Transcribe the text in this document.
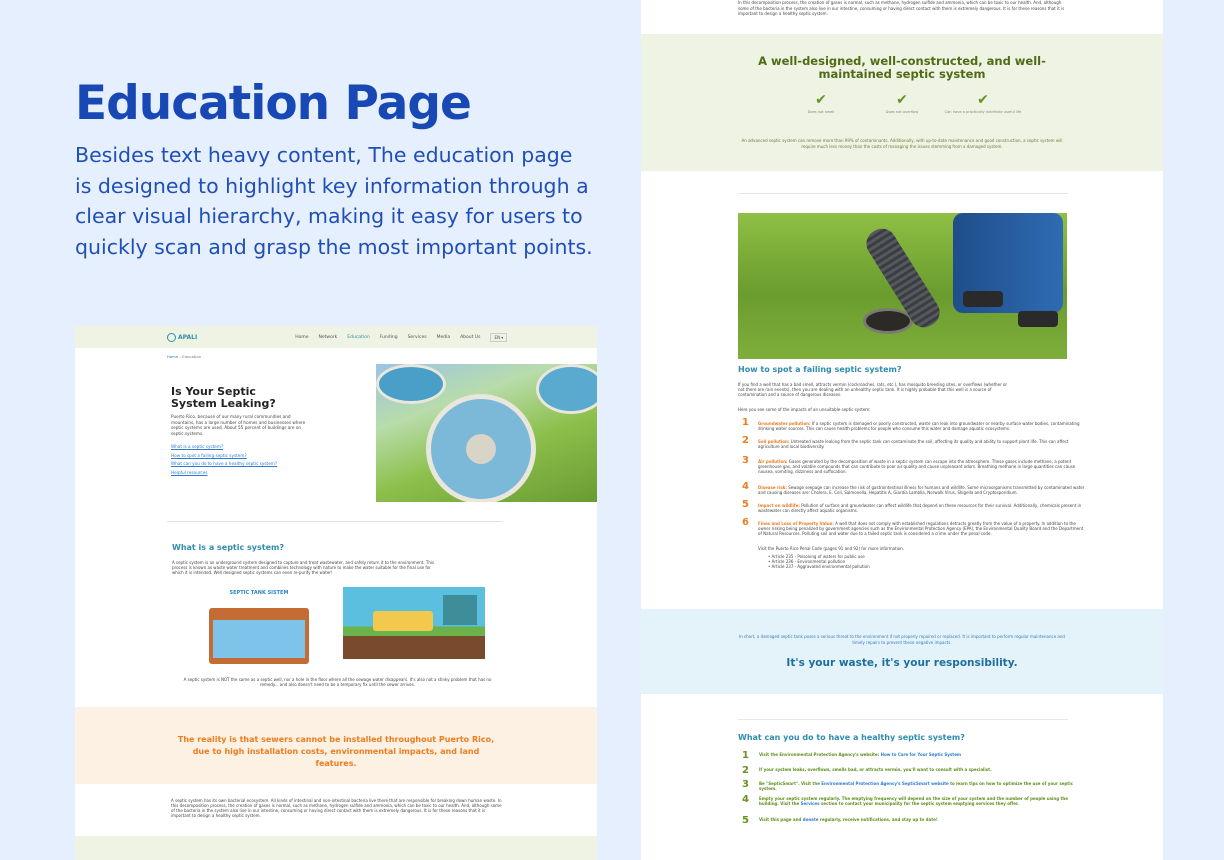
Education Page
Besides text heavy content, The education page is designed to highlight key information through a clear visual hierarchy, making it easy for users to quickly scan and grasp the most important points.
APALI	Home Network Education Funding Services Media About Us	EN ▾
Home › Education
Is Your Septic System Leaking?
Puerto Rico, because of our many rural communities and mountains, has a large number of homes and businesses where septic systems are used. About 55 percent of buildings are on septic systems.
What is a septic system?
How to spot a failing septic system?
What can you do to have a healthy septic system?
Helpful resources
What is a septic system?
A septic system is an underground system designed to capture and treat wastewater, and safely return it to the environment. This process is known as waste water treatment and combines technology with nature to make the water suitable for the final use for which it is intended. Well designed septic systems can even re-purify the water!
SEPTIC TANK SISTEM
A septic system is NOT the same as a septic well, nor a hole in the floor where all the sewage water disappears. It's also not a stinky problem that has no remedy... and also doesn't need to be a temporary fix until the sewer arrives.
The reality is that sewers cannot be installed throughout Puerto Rico, due to high installation costs, environmental impacts, and land features.
A septic system has its own bacterial ecosystem. All kinds of intestinal and non-intestinal bacteria live there that are responsible for breaking down human waste. In this decomposition process, the creation of gases is normal, such as methane, hydrogen sulfide and ammonia, which can be toxic to our health. And, although some of the bacteria in the system also live in our intestine, consuming or having direct contact with them is extremely dangerous. It is for these reasons that it is important to design a healthy septic system.
In this decomposition process, the creation of gases is normal, such as methane, hydrogen sulfide and ammonia, which can be toxic to our health. And, although some of the bacteria in the system also live in our intestine, consuming or having direct contact with them is extremely dangerous. It is for these reasons that it is important to design a healthy septic system.
A well-designed, well-constructed, and well-maintained septic system
✔
Does not smell
✔
Does not overflow
✔
Can have a practically indefinite useful life
An advanced septic system can remove more than 99% of contaminants. Additionally, with up-to-date maintenance and good construction, a septic system will require much less money than the costs of managing the issues stemming from a damaged system.
How to spot a failing septic system?
If you find a well that has a bad smell, attracts vermin (cockroaches, rats, etc.), has mosquito breeding sites, or overflows (whether or not there are rain events), then you are dealing with an unhealthy septic tank. It is highly probable that this well is a source of contamination and a source of dangerous diseases.
Here you see some of the impacts of an unsuitable septic system:
1 Groundwater pollution: If a septic system is damaged or poorly constructed, waste can leak into groundwater or nearby surface water bodies, contaminating drinking water sources. This can cause health problems for people who consume this water and damage aquatic ecosystems.
2 Soil pollution: Untreated waste leaking from the septic tank can contaminate the soil, affecting its quality and ability to support plant life. This can affect agriculture and local biodiversity.
3 Air pollution: Gases generated by the decomposition of waste in a septic system can escape into the atmosphere. These gases include methane, a potent greenhouse gas, and volatile compounds that can contribute to poor air quality and cause unpleasant odors. Breathing methane in large quantities can cause nausea, vomiting, dizziness and suffocation.
4 Disease risk: Sewage seepage can increase the risk of gastrointestinal illness for humans and wildlife. Some microorganisms transmitted by contaminated water and causing diseases are: Cholera, E. Coli, Salmonella, Hepatitis A, Giardia Lamblia, Norwalk Virus, Shigella and Cryptosporidium.
5 Impact on wildlife: Pollution of surface and groundwater can affect wildlife that depend on these resources for their survival. Additionally, chemicals present in wastewater can directly affect aquatic organisms.
6 Fines and Loss of Property Value: A well that does not comply with established regulations detracts greatly from the value of a property. In addition to the owner risking being penalized by government agencies such as the Environmental Protection Agency (EPA), the Environmental Quality Board and the Department of Natural Resources. Polluting soil and water due to a failed septic tank is considered a crime under the penal code.
Visit the Puerto Rico Penal Code (pages 91 and 92) for more information.
• Article 235 - Poisoning of waters for public use
• Article 236 - Environmental pollution
• Article 237 - Aggravated environmental pollution
In short, a damaged septic tank poses a serious threat to the environment if not properly repaired or replaced. It is important to perform regular maintenance and timely repairs to prevent these negative impacts.
It's your waste, it's your responsibility.
What can you do to have a healthy septic system?
1	Visit the Environmental Protection Agency's website: How to Care for Your Septic System
2	If your system leaks, overflows, smells bad, or attracts vermin, you'll want to consult with a specialist.
3	Be "SepticSmart". Visit the Environmental Protection Agency's SepticSmart website to learn tips on how to optimize the use of your septic system.
4	Empty your septic system regularly. The emptying frequency will depend on the size of your system and the number of people using the building. Visit the Services section to contact your municipality for the septic system emptying services they offer.
5	Visit this page and donate regularly, receive notifications, and stay up to date!
